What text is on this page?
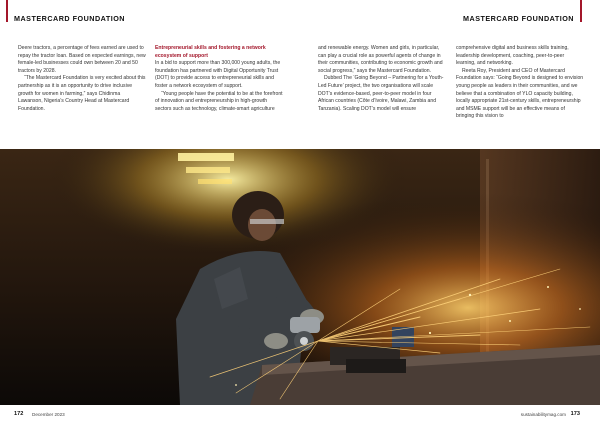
MASTERCARD FOUNDATION	MASTERCARD FOUNDATION

Deere tractors, a percentage of fees earned are used to repay the tractor loan. Based on expected earnings, new female-led businesses could own between 20 and 50 tractors by 2028.

“The Mastercard Foundation is very excited about this partnership as it is an opportunity to drive inclusive growth for women in farming,” says Chidinma Lawanson, Nigeria’s Country Head at Mastercard Foundation.

Entrepreneurial skills and fostering a network ecosystem of support

In a bid to support more than 300,000 young adults, the foundation has partnered with Digital Opportunity Trust (DOT) to provide access to entrepreneurial skills and foster a network ecosystem of support.

“Young people have the potential to be at the forefront of innovation and entrepreneurship in high-growth sectors such as technology, climate-smart agriculture

and renewable energy. Women and girls, in particular, can play a crucial role as powerful agents of change in their communities, contributing to economic growth and social progress,” says the Mastercard Foundation.

Dubbed The ‘Going Beyond – Partnering for a Youth-Led Future’ project, the two organisations will scale DOT’s evidence-based, peer-to-peer model in four African countries (Côte d’Ivoire, Malawi, Zambia and Tanzania). Scaling DOT’s model will ensure

comprehensive digital and business skills training, leadership development, coaching, peer-to-peer learning, and networking.

Reeta Roy, President and CEO of Mastercard Foundation says: “Going Beyond is designed to envision young people as leaders in their communities, and we believe that a combination of YLO capacity building, locally appropriate 21st-century skills, entrepreneurship and MSME support will be an effective means of bringing this vision to

172 December 2023	sustainabilitymag.com 173
